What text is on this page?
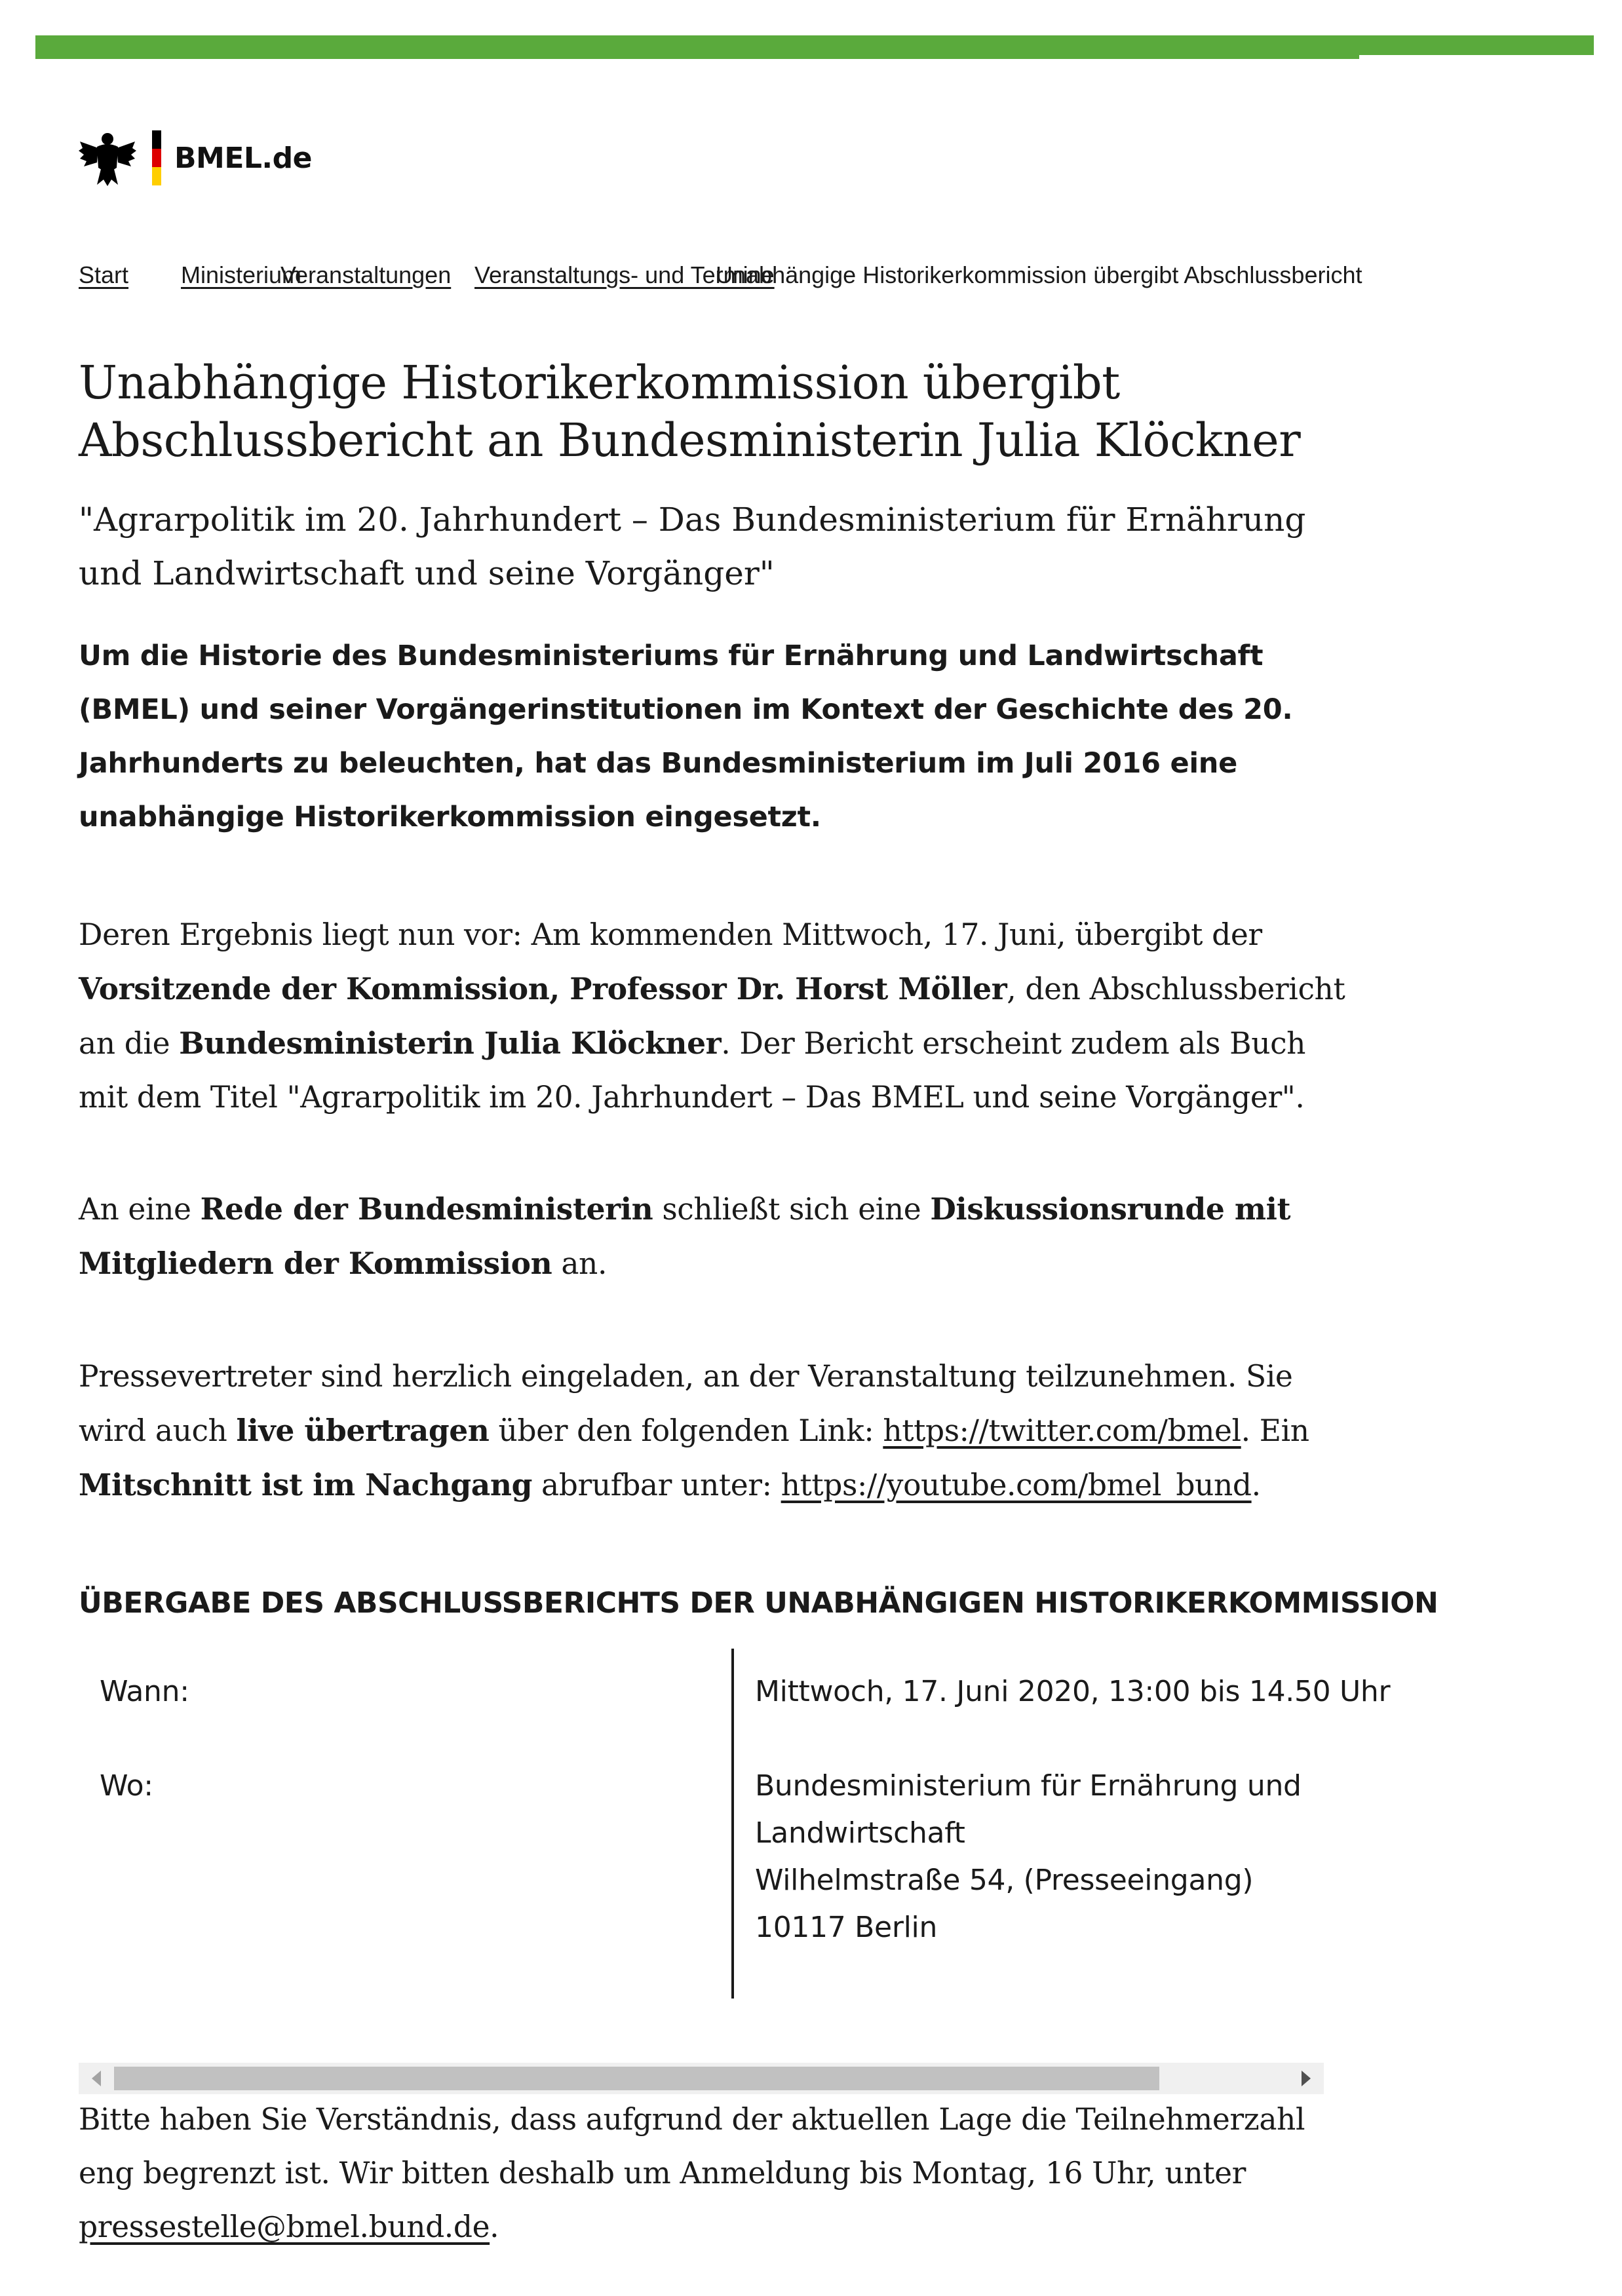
BMEL.de
Start	Ministerium
Veranstaltungen Veranstaltungs- und Termine
Unabhängige Historikerkommission übergibt Abschlussbericht
Unabhängige Historikerkommission übergibt Abschlussbericht an Bundesministerin Julia Klöckner

"Agrarpolitik im 20. Jahrhundert – Das Bundesministerium für Ernährung und Landwirtschaft und seine Vorgänger"

Um die Historie des Bundesministeriums für Ernährung und Landwirtschaft (BMEL) und seiner Vorgängerinstitutionen im Kontext der Geschichte des 20. Jahrhunderts zu beleuchten, hat das Bundesministerium im Juli 2016 eine unabhängige Historikerkommission eingesetzt.

Deren Ergebnis liegt nun vor: Am kommenden Mittwoch, 17. Juni, übergibt der Vorsitzende der Kommission, Professor Dr. Horst Möller, den Abschlussbericht an die Bundesministerin Julia Klöckner. Der Bericht erscheint zudem als Buch mit dem Titel "Agrarpolitik im 20. Jahrhundert – Das BMEL und seine Vorgänger".

An eine Rede der Bundesministerin schließt sich eine Diskussionsrunde mit Mitgliedern der Kommission an.

Pressevertreter sind herzlich eingeladen, an der Veranstaltung teilzunehmen. Sie wird auch live übertragen über den folgenden Link: https://twitter.com/bmel. Ein Mitschnitt ist im Nachgang abrufbar unter: https://youtube.com/bmel_bund.

ÜBERGABE DES ABSCHLUSSBERICHTS DER UNABHÄNGIGEN HISTORIKERKOMMISSION
Wann:	Mittwoch, 17. Juni 2020, 13:00 bis 14.50 Uhr
Wo:	Bundesministerium für Ernährung und
Landwirtschaft
Wilhelmstraße 54, (Presseeingang)
10117 Berlin

Bitte haben Sie Verständnis, dass aufgrund der aktuellen Lage die Teilnehmerzahl eng begrenzt ist. Wir bitten deshalb um Anmeldung bis Montag, 16 Uhr, unter pressestelle@bmel.bund.de.
